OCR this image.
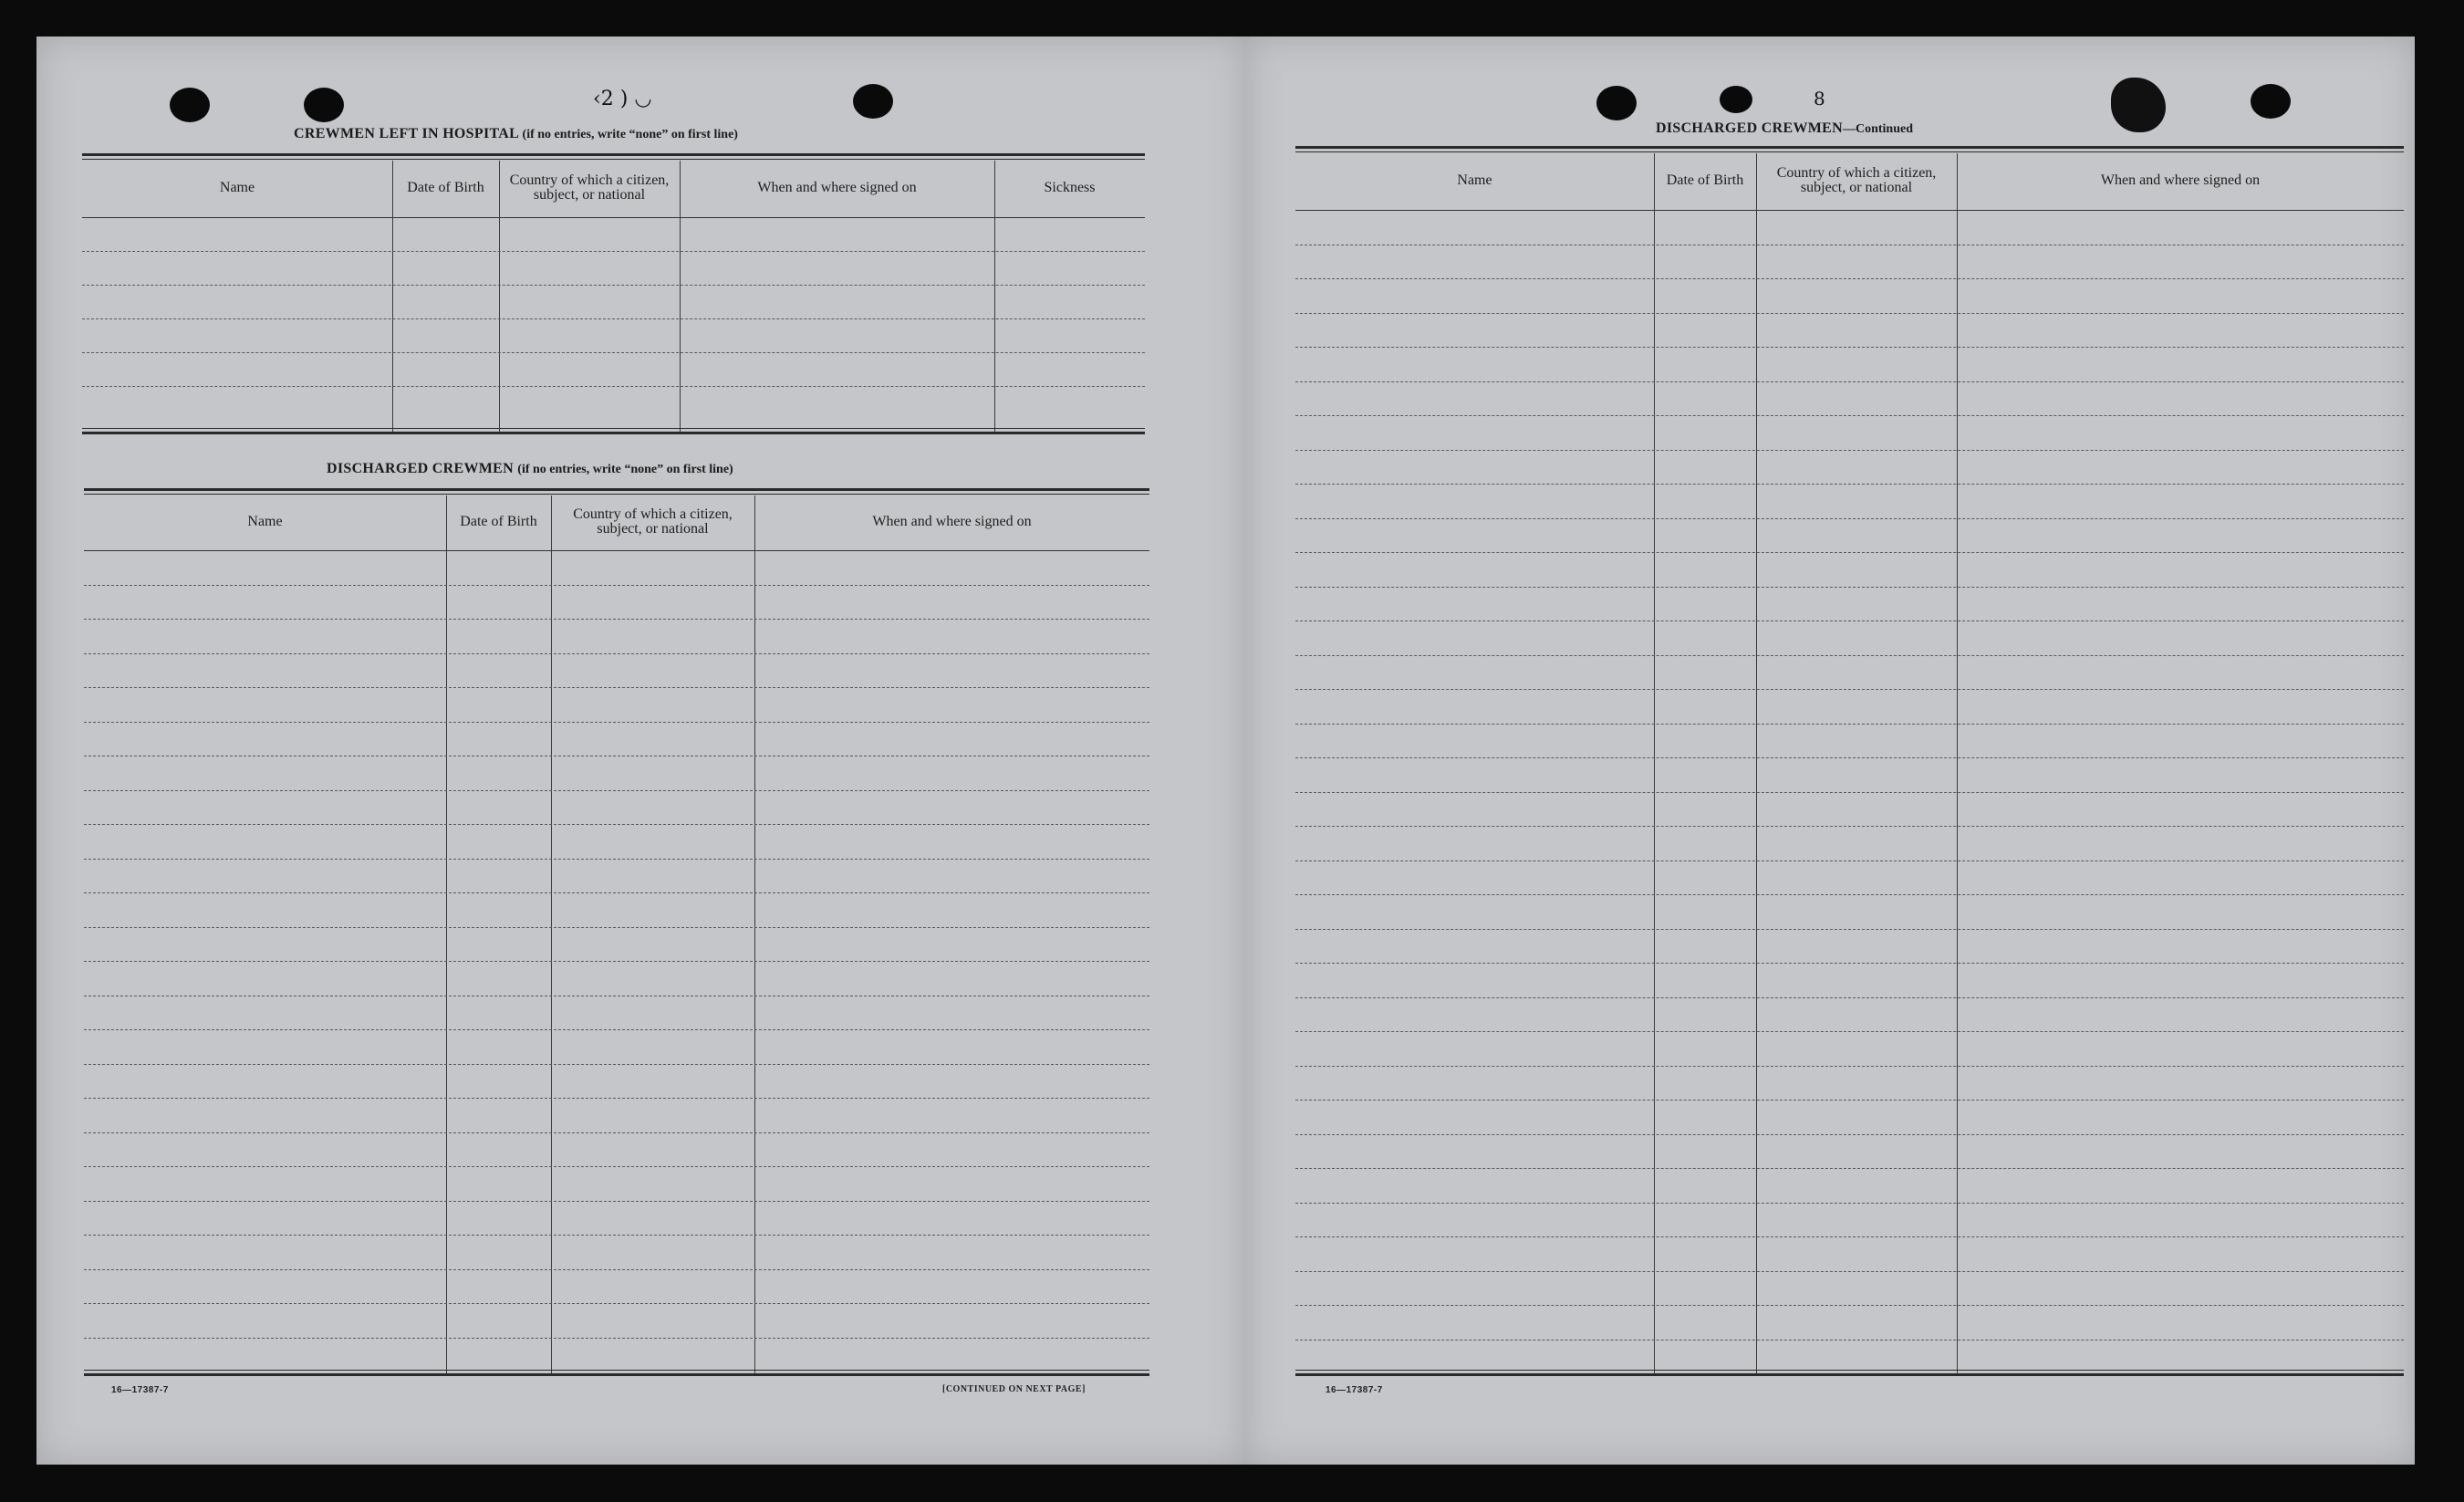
‹2 ) ◡
CREWMEN LEFT IN HOSPITAL (if no entries, write “none” on first line)
Name	Date of Birth	Country of which a citizen, subject, or national	When and where signed on	Sickness
DISCHARGED CREWMEN (if no entries, write “none” on first line)
Name	Date of Birth	Country of which a citizen, subject, or national	When and where signed on
16—17387-7	[CONTINUED ON NEXT PAGE]
8
DISCHARGED CREWMEN—Continued
Name	Date of Birth	Country of which a citizen, subject, or national	When and where signed on
16—17387-7
